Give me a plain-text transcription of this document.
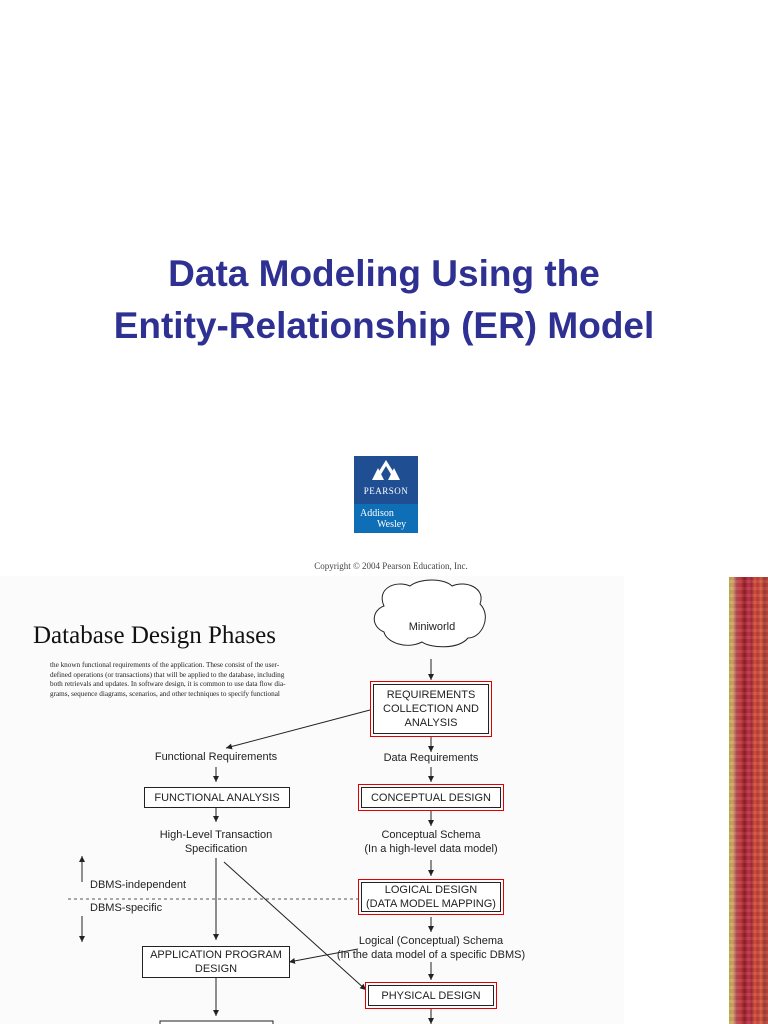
Data Modeling Using the
Entity-Relationship (ER) Model
PEARSON
Addison
Wesley
Copyright © 2004 Pearson Education, Inc.
Database Design Phases
the known functional requirements of the application. These consist of the user-
defined operations (or transactions) that will be applied to the database, including
both retrievals and updates. In software design, it is common to use data flow dia-
grams, sequence diagrams, scenarios, and other techniques to specify functional
Miniworld
REQUIREMENTS
COLLECTION AND
ANALYSIS
Functional Requirements	Data Requirements
FUNCTIONAL ANALYSIS	CONCEPTUAL DESIGN
High-Level Transaction
Specification
Conceptual Schema
(In a high-level data model)
DBMS-independent
DBMS-specific
LOGICAL DESIGN
(DATA MODEL MAPPING)
Logical (Conceptual) Schema
(In the data model of a specific DBMS)
APPLICATION PROGRAM
DESIGN
PHYSICAL DESIGN
